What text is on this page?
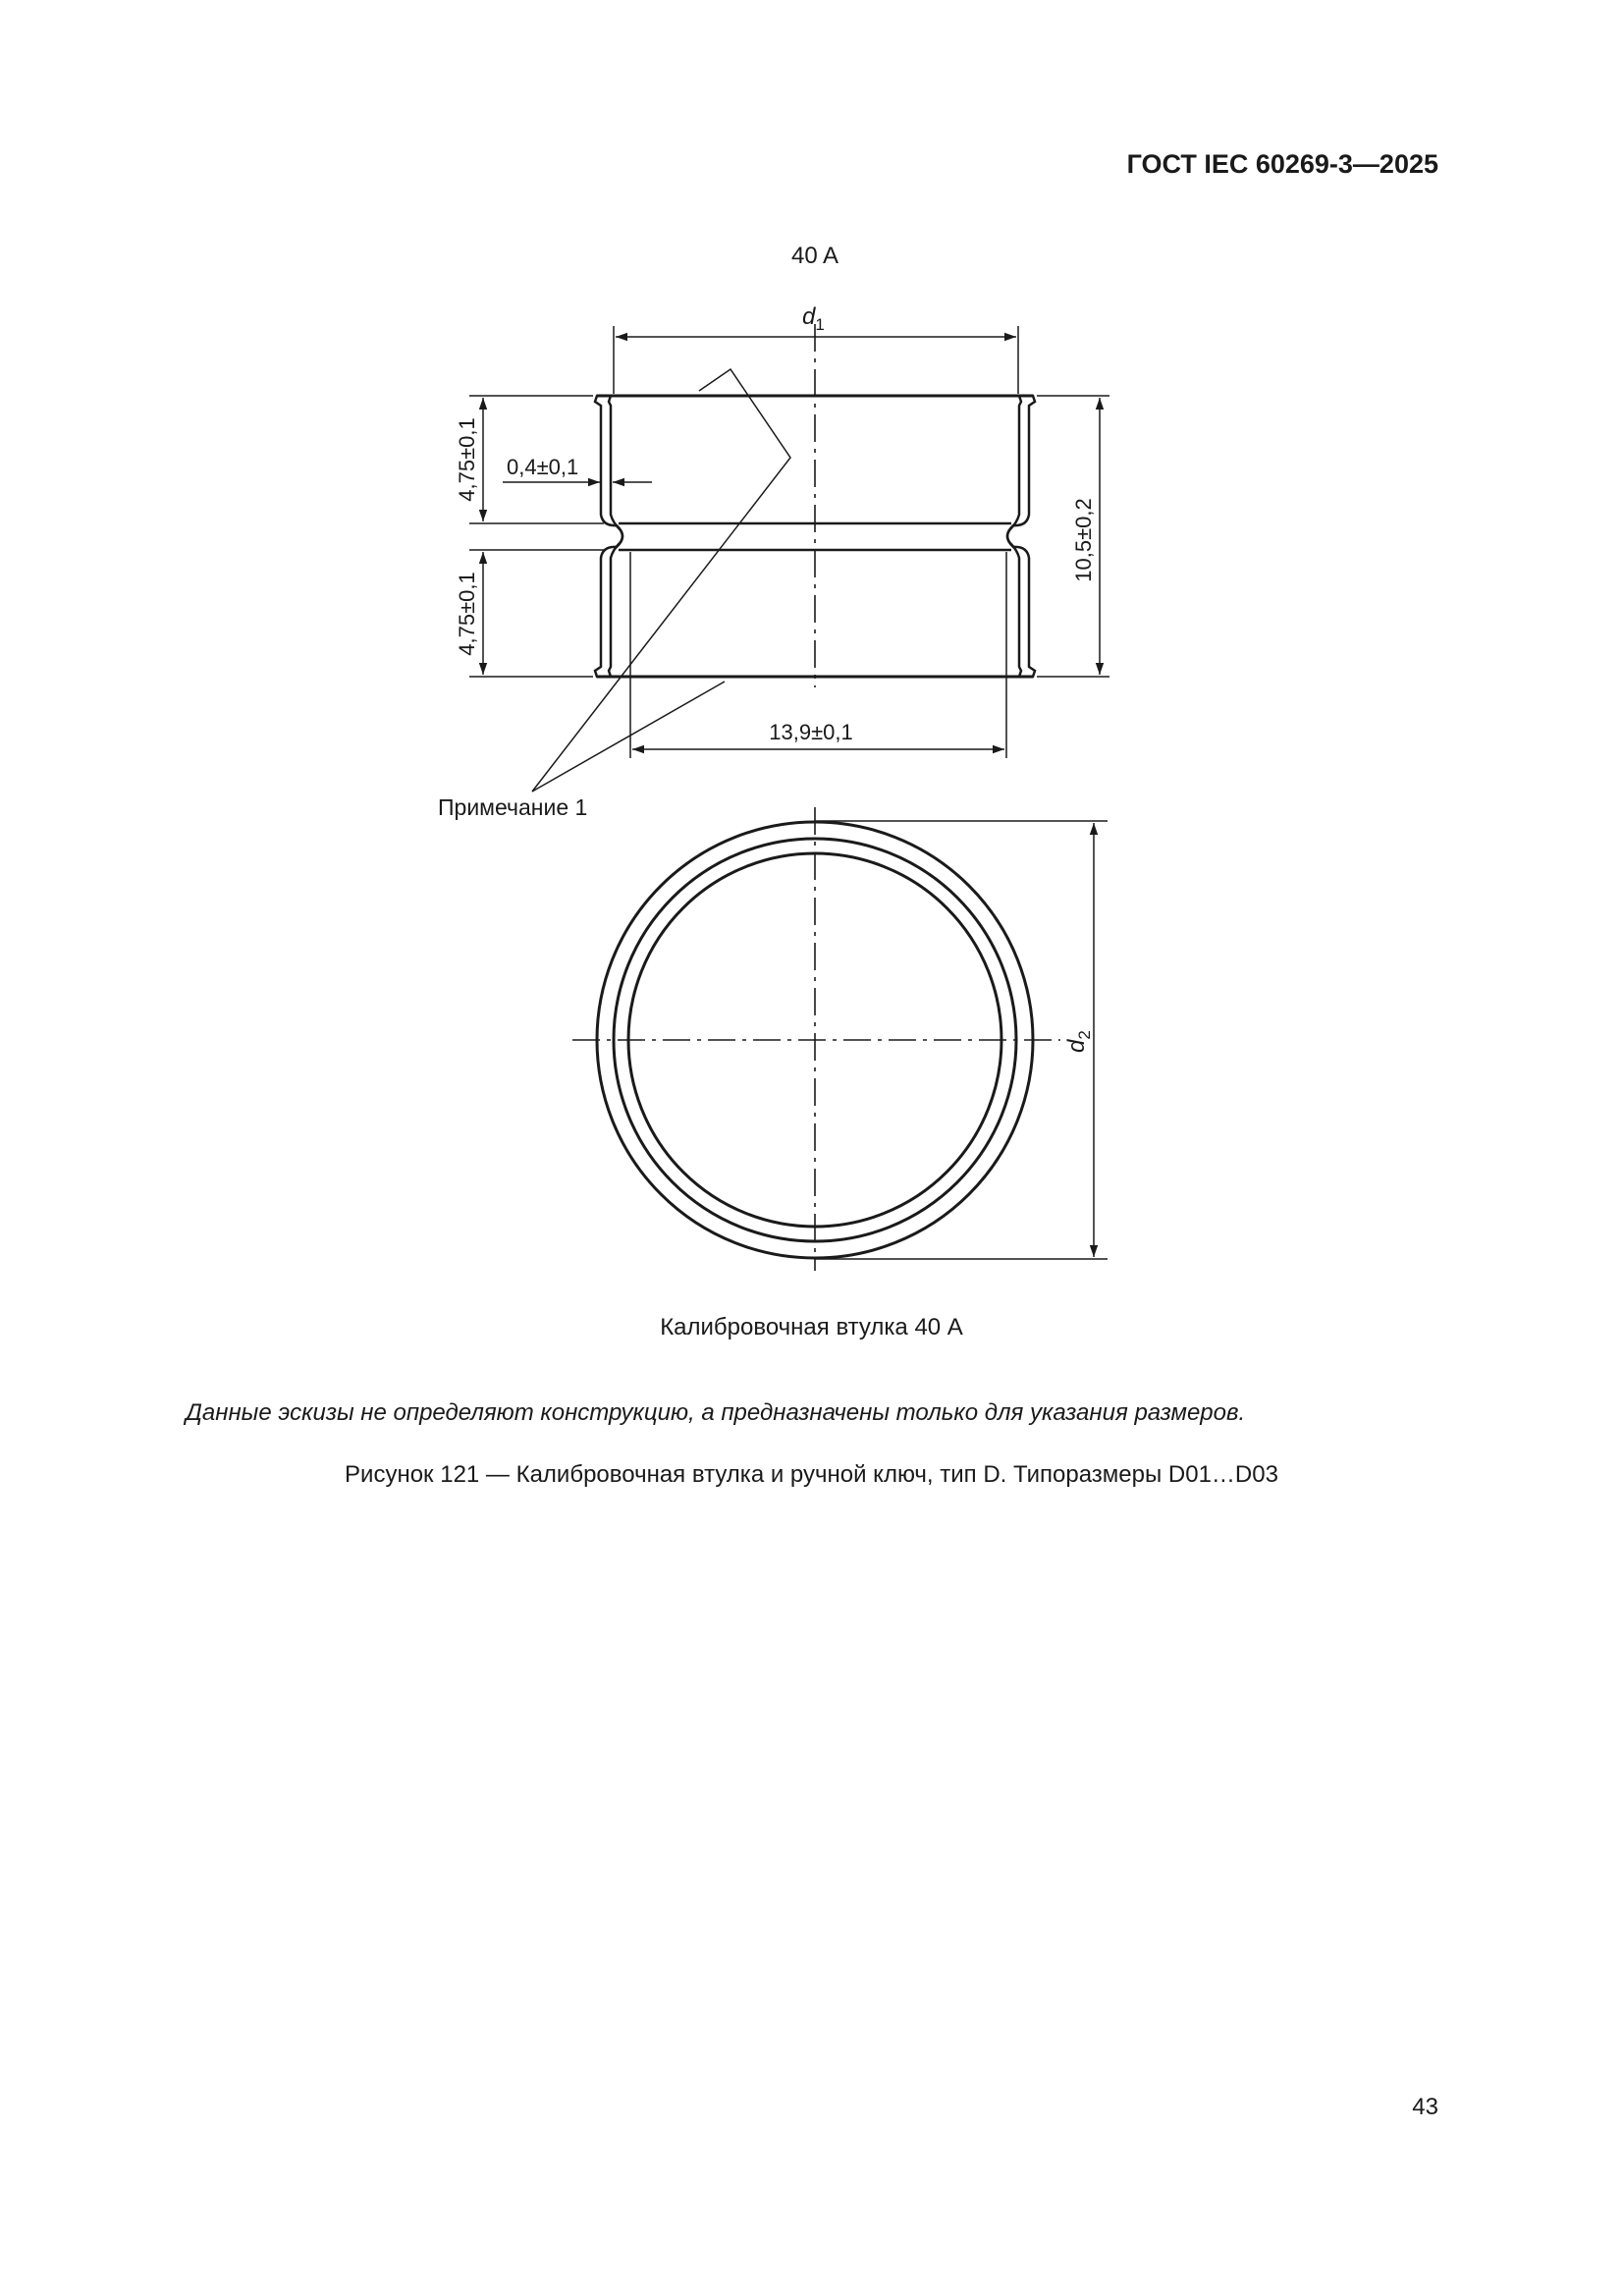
ГОСТ IEC 60269-3—2025
40 A
$d_1$
4,75±0,1
4,75±0,1
0,4±0,1
10,5±0,2
13,9±0,1
Примечание 1
$d_2$
Калибровочная втулка 40 A
Данные эскизы не определяют конструкцию, а предназначены только для указания размеров.
Рисунок 121 — Калибровочная втулка и ручной ключ, тип D. Типоразмеры D01…D03
43
